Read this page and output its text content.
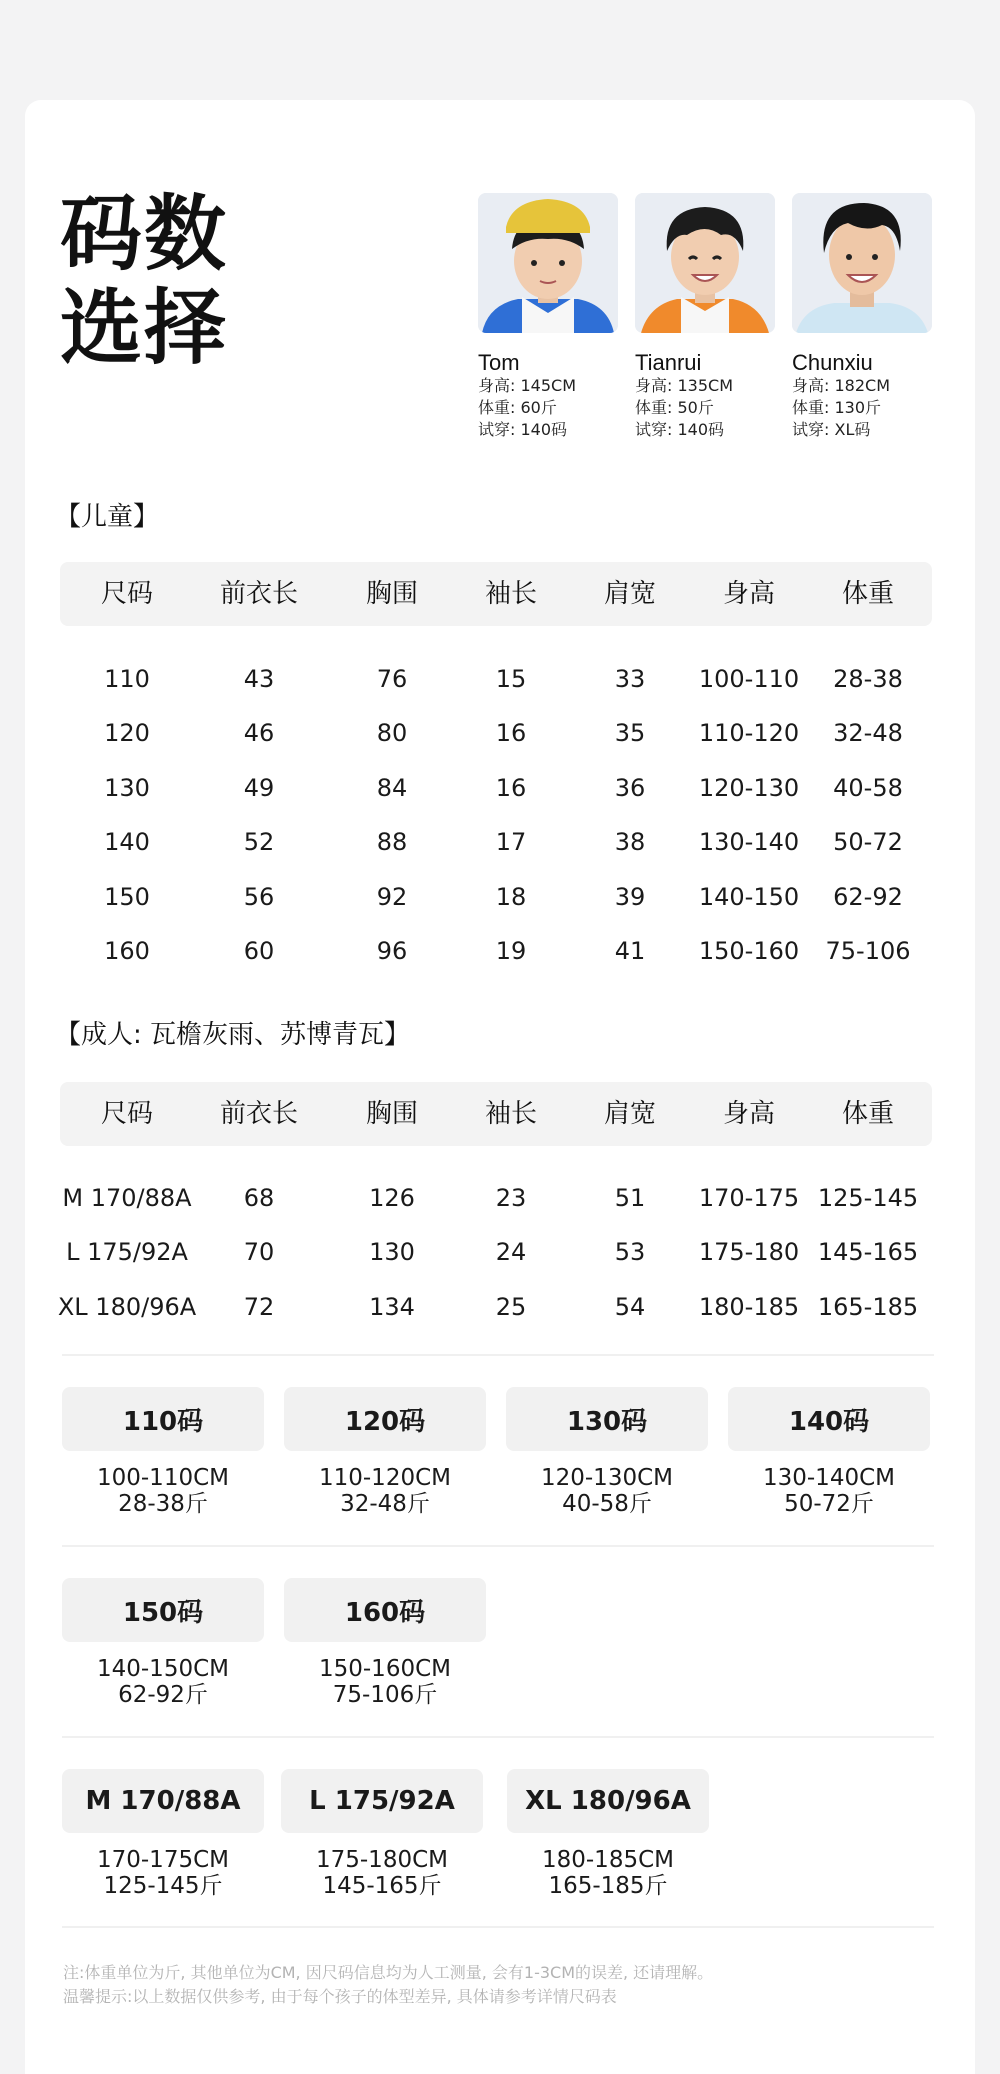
码数
选择	Tom
身高: 145CM
体重: 60斤
试穿: 140码
Tianrui
身高: 135CM
体重: 50斤
试穿: 140码
Chunxiu
身高: 182CM
体重: 130斤
试穿: XL码
【儿童】
尺码	前衣长	胸围	袖长	肩宽	身高	体重
110	43	76	15	33 100-110 28-38
120	46	80	16	35 110-120 32-48
130	49	84	16	36 120-130 40-58
140	52	88	17	38 130-140 50-72
150	56	92	18	39 140-150 62-92
160	60	96	19	41 150-160 75-106
【成人: 瓦檐灰雨、苏博青瓦】
尺码	前衣长	胸围	袖长	肩宽	身高	体重
M 170/88A 68	126	23	51 170-175 125-145
L 175/92A 70	130	24	53 175-180 145-165
XL 180/96A 72	134	25	54 180-185 165-185
110码
100-110CM
28-38斤
120码
110-120CM
32-48斤
130码
120-130CM
40-58斤
140码
130-140CM
50-72斤
150码
140-150CM
62-92斤
160码
150-160CM
75-106斤
M 170/88A
170-175CM
125-145斤
L 175/92A
175-180CM
145-165斤
XL 180/96A
180-185CM
165-185斤
注:体重单位为斤, 其他单位为CM, 因尺码信息均为人工测量, 会有1-3CM的误差, 还请理解。
温馨提示:以上数据仅供参考, 由于每个孩子的体型差异, 具体请参考详情尺码表
